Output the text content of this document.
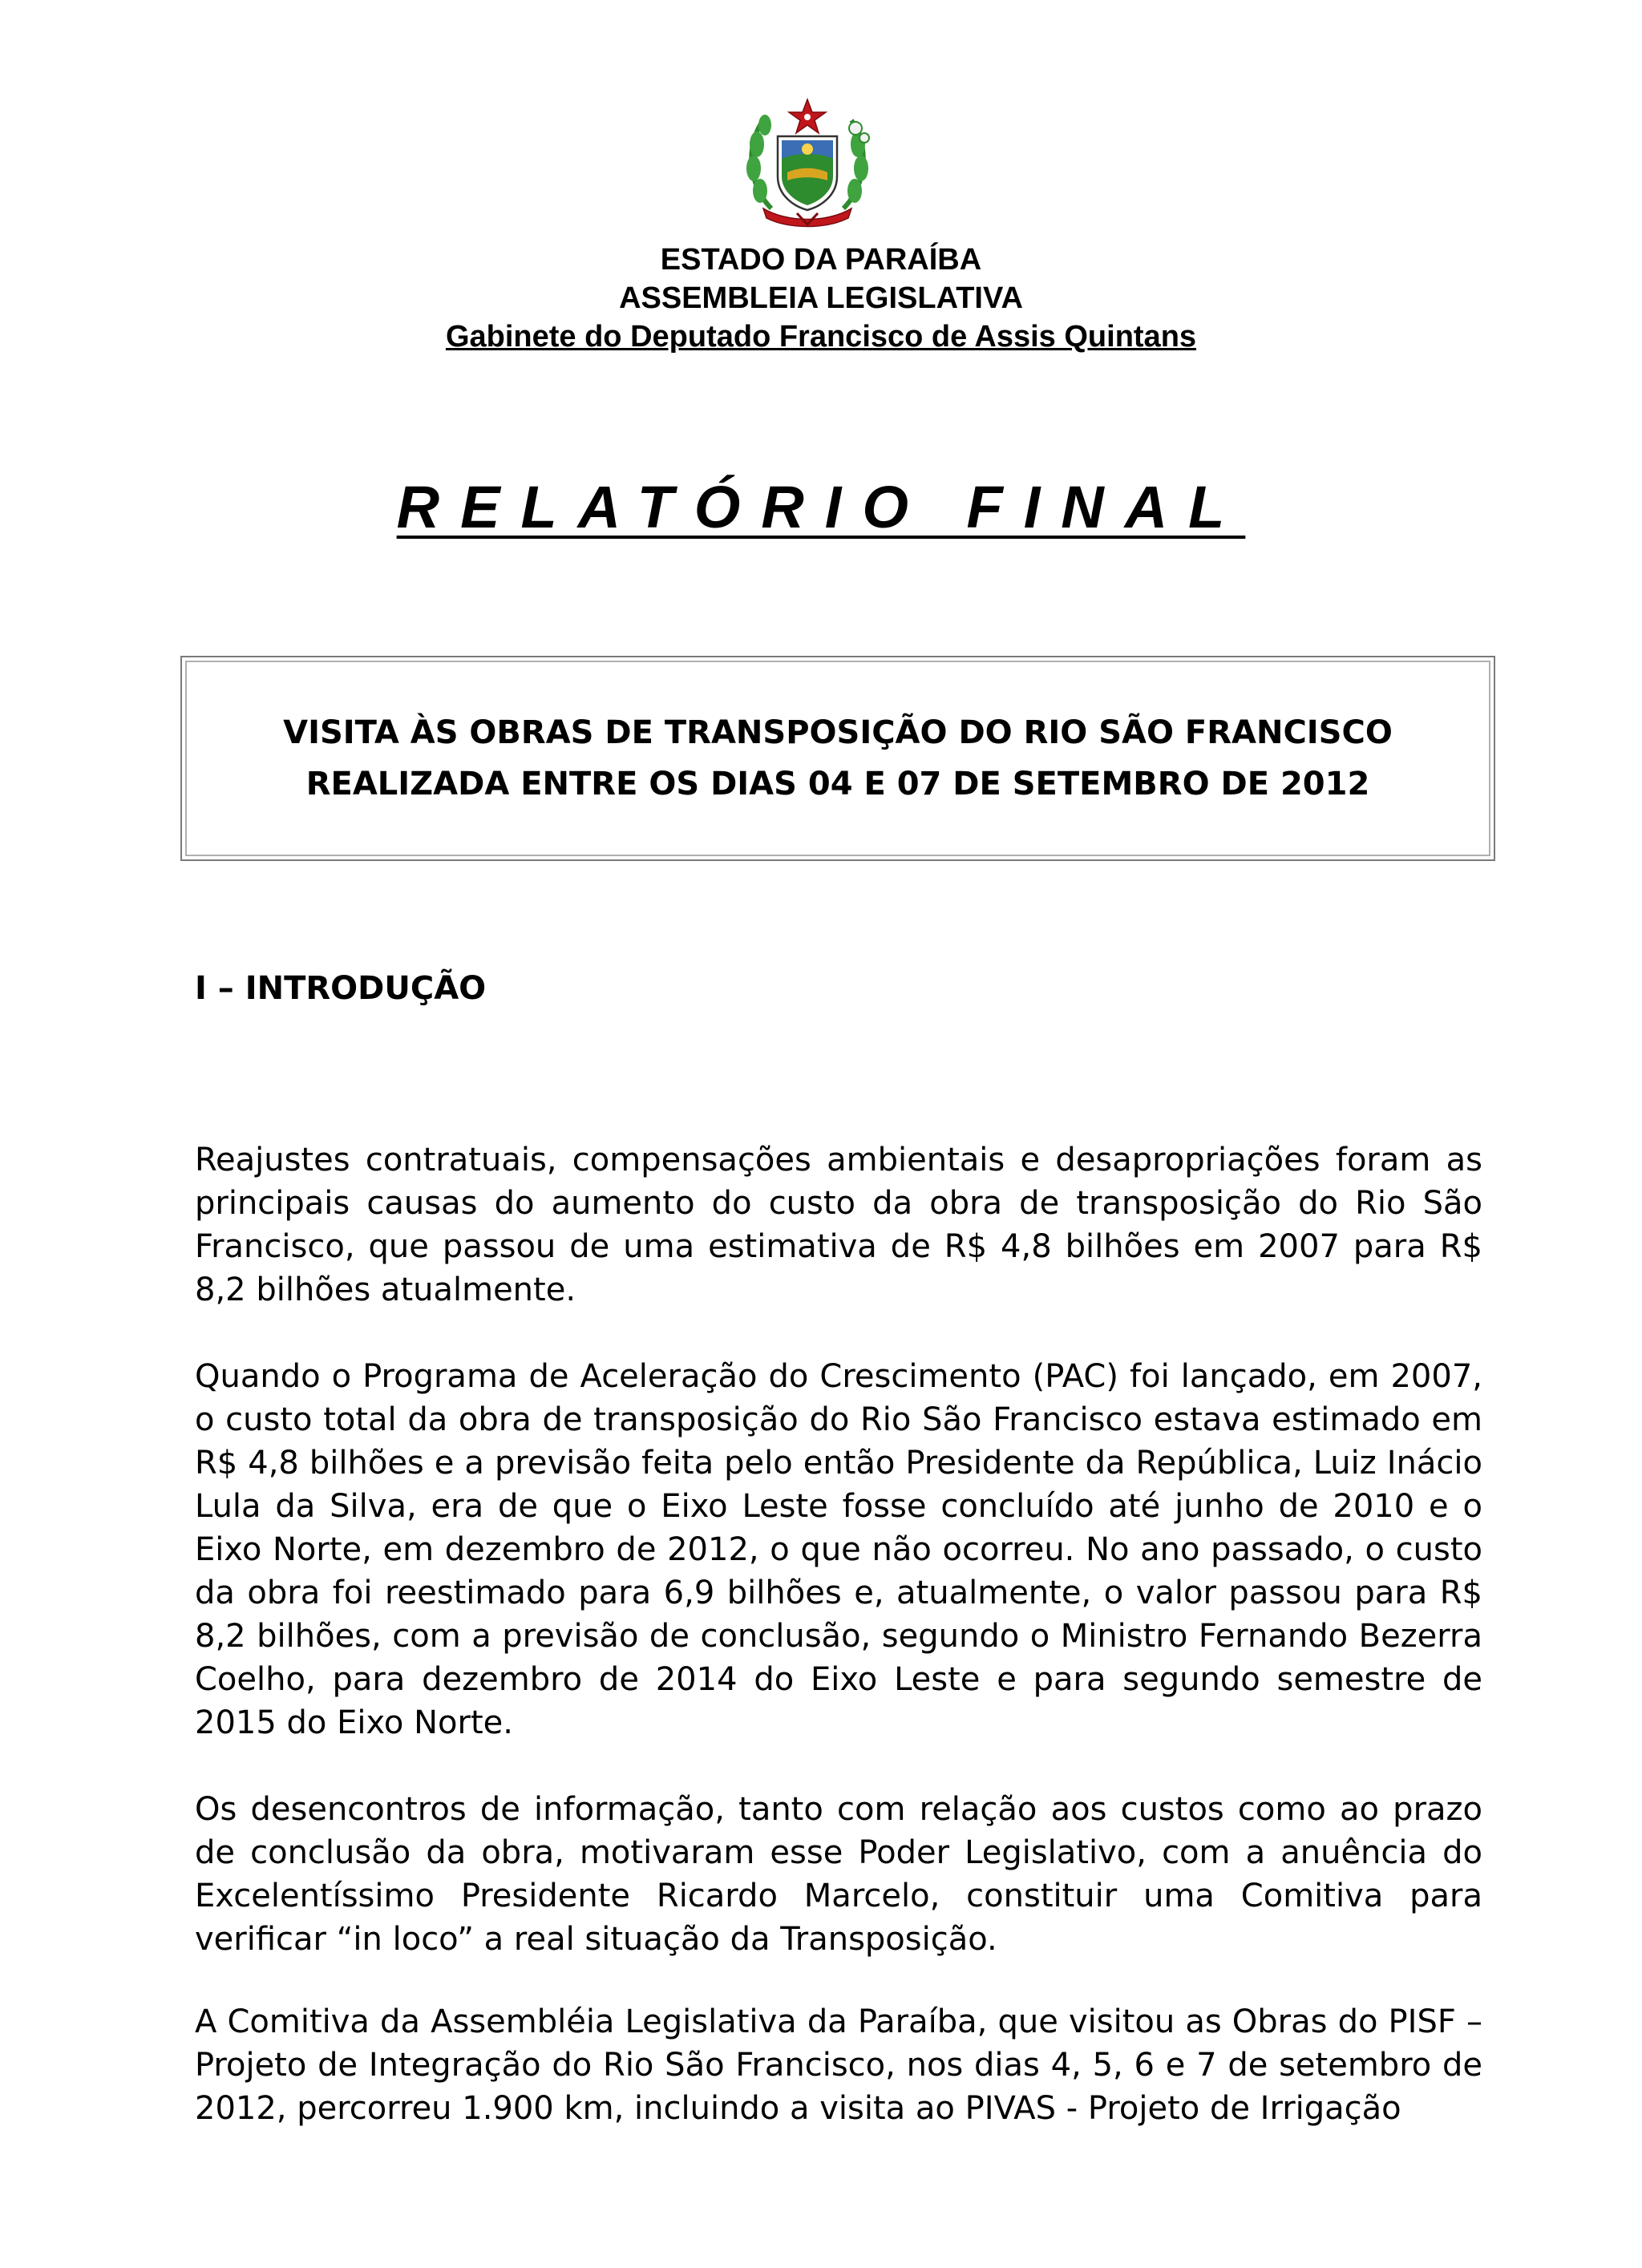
ESTADO DA PARAÍBA
ASSEMBLEIA LEGISLATIVA
Gabinete do Deputado Francisco de Assis Quintans
RELATÓRIO FINAL
VISITA ÀS OBRAS DE TRANSPOSIÇÃO DO RIO SÃO FRANCISCO
REALIZADA ENTRE OS DIAS 04 E 07 DE SETEMBRO DE 2012
I – INTRODUÇÃO

Reajustes contratuais, compensações ambientais e desapropriações foram as principais causas do aumento do custo da obra de transposição do Rio São Francisco, que passou de uma estimativa de R$ 4,8 bilhões em 2007 para R$ 8,2 bilhões atualmente.

Quando o Programa de Aceleração do Crescimento (PAC) foi lançado, em 2007, o custo total da obra de transposição do Rio São Francisco estava estimado em R$ 4,8 bilhões e a previsão feita pelo então Presidente da República, Luiz Inácio Lula da Silva, era de que o Eixo Leste fosse concluído até junho de 2010 e o Eixo Norte, em dezembro de 2012, o que não ocorreu. No ano passado, o custo da obra foi reestimado para 6,9 bilhões e, atualmente, o valor passou para R$ 8,2 bilhões, com a previsão de conclusão, segundo o Ministro Fernando Bezerra Coelho, para dezembro de 2014 do Eixo Leste e para segundo semestre de 2015 do Eixo Norte.

Os desencontros de informação, tanto com relação aos custos como ao prazo de conclusão da obra, motivaram esse Poder Legislativo, com a anuência do Excelentíssimo Presidente Ricardo Marcelo, constituir uma Comitiva para verificar “in loco” a real situação da Transposição.

A Comitiva da Assembléia Legislativa da Paraíba, que visitou as Obras do PISF – Projeto de Integração do Rio São Francisco, nos dias 4, 5, 6 e 7 de setembro de 2012, percorreu 1.900 km, incluindo a visita ao PIVAS - Projeto de Irrigação
